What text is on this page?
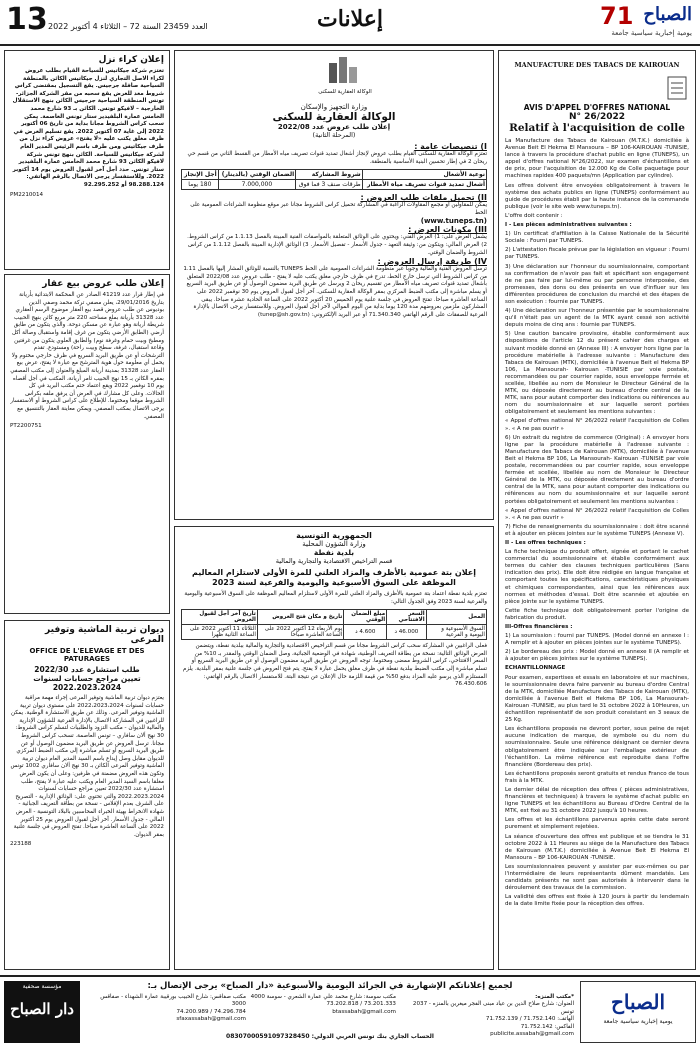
13 العدد 23459 السنة 72 – الثلاثاء 4 أكتوبر 2022	إعلانات	71 الصباح
يومية إخبارية سياسية جامعة
إعلان كراء نزل
تعتزم شركة جيكاتيس للسياحة القيام بطلب عروض لكراء الاصل التجاري لنزل جيكاتيس الكائن بالمنطقة السياحية صافلة جرجيس. يقع التسجيل بمقتضى كراس شروط معد للغرض يقع سحبه من مقر الشركة الجزائر-تونس المنطقة السياحية جرجيس الكائن بنهج الاستقلال الخارجية – لافيكو تونس. الكائن بـ 93 شارع محمد الخامس عمارة البلفيدير ستار تونس العاصمة. يمكن سحب كراس الشروط مجانا بداية من تاريخ 06 أكتوبر 2022 إلى غاية 07 أكتوبر 2022. يقع تسليم العرض في ظرف مغلق يكتب عليه «لا يفتح» عروض كراء نزل من طرف جيكاتيس ومن طرف باسم الرئيس المدير العام لشركة جيكاتيس للسياحة. الكائن بنهج تونس شركة لافيكو الكائن 93 شارع محمد الخامس عمارة البلفيدير ستار تونس. حدد أجل آخر لقبول العروض يوم 14 أكتوبر 2022. وللاستفسار يرجى الاتصال بالرقم الهاتفي: 98.288.124 أو 92.295.252
PM2210014
إعلان طلب عروض بيع عقار
في إطار قرار عدد 41219 الصادر عن المحكمة الابتدائية بأريانة بتاريخ 29/01/2016، يعلن مصفي تركة محمد وصفي الدين بوديوس عن طلب عروض قصد بيع العقار موضوع الرسم العقاري عدد 31328 بأريانة بملغ مساحته 220 متر مربع كائن بنهج الحبيب شريطة أريانة وهو عبارة عن مسكن دوحة. والذي يتكون من طابق أرضي (الطابق الأرضي يتكون من غرف إقامة واستقبال وصالة أكل ومطبخ وبيت حمام وغرفة نوم) والطابق العلوي يتكون من غرفتين وقاعة استقبال، غرفة، سطح وبيت راحة) ومستودع. تقدم الترشحات أو عن طريق البريد السريع في ظرف خارجي مختوم ولا يحمل أي معلومة حول هوية المترشح مع عبارة لا يفتح، عرض بيع العقار عدد 31328 بمدينة أريانة المبلغ والعنوان إلى مكتب المصفي بمقره الكائن بـ 15 نهج الحبيب ثامر أريانة، المكتب في أجل أقصاه يوم 10 نوفمبر 2022 ويقع اعتماد ختم مكتب البريد في كل الحالات. وعلى كل مشارك في العرض أن يرفق ملفه بكراس الشروط موقعا ومختوما. للإطلاع على كراس الشروط أو الاستفسار يرجى الاتصال بمكتب المصفي. ويمكن معاينة العقار بالتنسيق مع المصفي.
PT2200751
ديوان تربية الماشية وتوفير المرعى
OFFICE DE L'ELEVAGE ET DES PATURAGES
طلب استشارة عدد 2022/30
تعيين مراجع حسابات لسنوات 2022.2023.2024
يعتزم ديوان تربية الماشية وتوفير المرعى إجراء مهمة مراقبة حسابات لسنوات 2022،2023،2024 على مستوى ديوان تربية الماشية وتوفير المرعى. وذلك عن طريق الاستشارة الوطنية. يمكن للراغبين في المشاركة الاتصال بالإدارة الفرعية للشؤون الإدارية والمالية للديوان - مكتب التزود والطلبيات لتسلم كراس الشروط: 30 نهج ألان سافاري – تونس العاصمة. تسحب كراس الشروط مجانا. ترسل العروض عن طريق البريد مضمون الوصول أو عن طريق البريد السريع أو تسلم مباشرة إلى مكتب الضبط المركزي للديوان مقابل وصل إيداع باسم السيد المدير العام ديوان تربية الماشية وتوفير المرعى الكائن بـ 30 نهج ألان سافاري 1002 تونس وتكون هذه العروض مضمنة في ظرفين: وعلى أن يكون العرض مغلقا باسم السيد المدير العام ويكتب عليه عبارة لا يفتح، طلب استشارة عدد 2022/30 تعيين مراجع حسابات لسنوات 2022.2023.2024 والتي تحتوي على: الوثائق الإدارية - التصريح على الشرف بعدم الإفلاس - نسخة من بطاقة التعريف الجبائية - شهادة الانخراط بهيئة الخبراء المحاسبين بالبلاد التونسية - العرض المالي - جدول الأسعار. آخر أجل لقبول العروض يوم 25 أكتوبر 2022 على الساعة العاشرة صباحا. تفتح العروض في جلسة علنية بمقر الديوان.
223188
الوكالة العقارية للسكنى
وزارة التجهيز والإسكان
الوكالة العقارية للسكنى
إعلان طلب عروض عدد 2022/08
(المرحلة الثانية)
I) تنصيصات عامة :
تعتزم الوكالة العقارية للسكنى القيام بطلب عروض لإنجاز أشغال تمديد قنوات تصريف مياه الأمطار من القسط الثاني من قسم حي ريحان 2 في إطار تحسين البنية الأساسية بالمنطقة.
نوعية الأشغال	شروط المشاركة	الضمان الوقتي (بالدينار)	أجل الإنجاز
أشغال تمديد قنوات تصريف مياه الأمطار	طرقات صنف 3 فما فوق	7.000,000	180 يوما
II) تحميل ملفات طلب العروض :
يمكن للمقاولين أو مجمع المقاولات الراغبة في المشاركة تحميل كراس الشروط مجانا عبر موقع منظومة الشراءات العمومية على الخط
(www.tuneps.tn)
III) مكونات العرض :
يشمل العرض على: 1) العرض الفني: ويحتوي على الوثائق المتعلقة بالمواصفات الفنية المبينة بالفصل 1.1.13 من كراس الشروط. 2) العرض المالي: ويتكون من: وثيقة التعهد - جدول الأسعار - تفصيل الأسعار. 3) الوثائق الإدارية المبينة بالفصل 1.1.12 من كراس الشروط والضمان الوقتي.
IV) طريقة إرسال العروض :
ترسل العروض الفنية والمالية وجوبا عبر منظومة الشراءات العمومية على الخط TUNEPS بالنسبة للوثائق المشار إليها بالفصل 1.11 من كراس الشروط التي ترسل خارج الخط، تدرج في ظرف خارجي مغلق يكتب عليه لا يفتح - طلب عروض عدد 2022/08 المتعلق بأشغال تمديد قنوات تصريف مياه الأمطار من تقسيم ريحان 2 ويرسل عن طريق البريد مضمون الوصول أو عن طريق البريد السريع أو يسلم مباشرة إلى مكتب الضبط المركزي بمقر الوكالة العقارية للسكنى. آخر أجل لقبول العروض يوم 30 نوفمبر 2022 على الساعة العاشرة صباحا. تفتح العروض في جلسة علنية يوم الخميس 20 أكتوبر 2022 على الساعة الحادية عشرة صباحا. يبقى المشاركون ملزمين بعروضهم مدة 120 يوما بداية من اليوم الموالي لآخر أجل لقبول العروض. وللاستفسار يرجى الاتصال بالإدارة الفرعية للصفقات على الرقم الهاتفي 71.340.340 أو عبر البريد الإلكتروني: (tunep@sh.gov.tn)
الجمهورية التونسية
وزارة الشؤون المحلية
بلدية نفطة
قسم التراخيص الاقتصادية والتجارية والمالية
إعلان بتة عمومية بالأظرف والمزاد العلني للمرة الأولى لاستلزام المعاليم الموظفة على السوق الأسبوعية واليومية والفرعية لسنة 2023
تعتزم بلدية نفطة اعتماد بتة عمومية بالأظرف والمزاد العلني للمرة الأولى لاستلزام المعاليم الموظفة على السوق الأسبوعية واليومية والفرعية لسنة 2023 وفق الجدول التالي:
المحل	السعر الافتتاحي	مبلغ الضمان الوقتي	تاريخ و مكان فتح العروض	تاريخ آخر أجل لقبول العروض
السوق الأسبوعية و اليومية و الفرعية	46.000 د	4.600 د	يوم الأربعاء 12 أكتوبر 2022 على الساعة العاشرة صباحا	الثلاثاء 11 أكتوبر 2022 على الساعة الثانية ظهرا
فعلى الراغبين في المشاركة سحب كراس الشروط مجانا من قسم التراخيص الاقتصادية والتجارية والمالية ببلدية نفطة، ويتضمن العرض الوثائق التالية: نسخة من بطاقة التعريف الوطنية، شهادة في الوضعية الجبائية، وصل الضمان الوقتي والمقدر بـ 10% من السعر الافتتاحي، كراس الشروط ممضى ومختوما. توجه العروض عن طريق البريد مضمون الوصول أو عن طريق البريد السريع أو تسلم مباشرة إلى مكتب الضبط ببلدية نفطة في ظرف مغلق يحمل عبارة لا يفتح. يتم فتح العروض في جلسة علنية بمقر البلدية. يلزم المستلزم الذي يرسو عليه المزاد بدفع 50% من قيمة اللزمة حال الإعلان عن نتيجة البتة. للاستفسار الاتصال بالرقم الهاتفي: 76.430.606
MANUFACTURE DES TABACS DE KAIROUAN
AVIS D'APPEL D'OFFRES NATIONAL
N° 26/2022
Relatif à l'acquisition de colle

La Manufacture des Tabacs de Kairouan (M.T.K.) domiciliée à Avenue Beit El Hekma El Mansoura – BP 106-KAIROUAN -TUNISIE, lance à travers la procédure d'achat public en ligne (TUNEPS), un appel d'offres national N°26/2022, sur examen d'échantillons et de prix, pour l'acquisition de 12.000 Kg de Colle paquetage pour machines rapides 400 paquets/mn (Application par cylindre).

Les offres doivent être envoyées obligatoirement à travers le système des achats publics en ligne (TUNEPS) conformément au guide de procédures établi par la haute instance de la commande publique (voir le site web www.tuneps.tn).

L'offre doit contenir :

I - Les pièces administratives suivantes :

1) Un certificat d'affiliation à la Caisse Nationale de la Sécurité Sociale : Fourni par TUNEPS.

2) L'attestation fiscale prévue par la législation en vigueur : Fourni par TUNEPS.

3) Une déclaration sur l'honneur du soumissionnaire, comportant sa confirmation de n'avoir pas fait et spécifiant son engagement de ne pas faire par lui-même ou par personne interposée, des promesses, des dons ou des présents en vue d'influer sur les différentes procédures de conclusion du marché et des étapes de son exécution : fournie par TUNEPS.

4) Une déclaration sur l'honneur présentée par le soumissionnaire qu'il n'était pas un agent de la MTK ayant cessé son activité depuis moins de cinq ans : fournie par TUNEPS.

5) Une caution bancaire provisoire, établie conformément aux dispositions de l'article 12 du présent cahier des charges et suivant modèle donné en (Annexe III) : A envoyer hors ligne par la procédure matérielle à l'adresse suivante : Manufacture des Tabacs de Kairouan (MTK), domiciliée à l'avenue Beit el Hekma BP 106, La Mansourah- Kairouan -TUNISIE par voie postale, recommandées ou par courrier rapide, sous enveloppe fermée et scellée, libellée au nom de Monsieur le Directeur Général de la MTK, ou déposée directement au bureau d'ordre central de la MTK, sans pour autant comporter des indications ou références au nom du soumissionnaire et sur laquelle seront portées obligatoirement et seulement les mentions suivantes :

« Appel d'offres national N° 26/2022 relatif l'acquisition de Colles ». « A ne pas ouvrir »

6) Un extrait du registre de commerce (Original) : A envoyer hors ligne par la procédure matérielle à l'adresse suivante : Manufacture des Tabacs de Kairouan (MTK), domiciliée à l'avenue Beit el Hekma BP 106, La Mansourah- Kairouan -TUNISIE par voie postale, recommandées ou par courrier rapide, sous enveloppe fermée et scellée, libellée au nom de Monsieur le Directeur Général de la MTK, ou déposée directement au bureau d'ordre central de la MTK, sans pour autant comporter des indications ou références au nom du soumissionnaire et sur laquelle seront portées obligatoirement et seulement les mentions suivantes :

« Appel d'offres national N° 26/2022 relatif l'acquisition de Colles ». « A ne pas ouvrir »

7) Fiche de renseignements du soumissionnaire : doit être scanné et à ajouter en pièces jointes sur le système TUNEPS (Annexe V).

II - Les offres techniques :

La fiche technique du produit offert, signée et portant le cachet commercial du soumissionnaire et établie conformément aux termes du cahier des clauses techniques particulières (Sans indication des prix). Elle doit être rédigée en langue française et comportant toutes les spécifications, caractéristiques physiques et chimiques correspondantes, ainsi que les références aux normes et méthodes d'essai. Doit être scannée et ajoutée en pièce jointe sur le système TUNEPS.

Cette fiche technique doit obligatoirement porter l'origine de fabrication du produit.

III-Offres financières :

1) La soumission : fourni par TUNEPS. (Model donné en annexe I : A remplir et à ajouter en pièces jointes sur le système TUNEPS).

2) Le bordereau des prix : Model donné en annexe II (A remplir et à ajouter en pièces jointes sur le système TUNEPS).

ECHANTILLONNAGE

Pour examen, expertises et essais en laboratoire et sur machines, le soumissionnaire devra faire parvenir au bureau d'ordre Central de la MTK, domiciliée Manufacture des Tabacs de Kairouan (MTK), domiciliée à l'avenue Beit el Hekma BP 106, La Mansourah- Kairouan -TUNISIE, au plus tard le 31 octobre 2022 à 10Heures, un échantillon représentatif de son produit consistant en 3 seaux de 25 Kg.

Les échantillons proposés ne devront porter, sous peine de rejet aucune indication de marque, de symbole ou du nom du soumissionnaire. Seule une référence désignant ce dernier devra obligatoirement être indiquée sur l'emballage extérieur de l'échantillon. La même référence est reproduite dans l'offre financière (Bordereau des prix).

Les échantillons proposés seront gratuits et rendus Franco de tous frais à la MTK.

Le dernier délai de réception des offres ( pièces administratives, financières et techniques) à travers le système d'achat public en ligne TUNEPS et les échantillons au Bureau d'Ordre Central de la MTK, est fixé au 31 octobre 2022 jusqu'à 10 heures.

Les offres et les échantillons parvenus après cette date seront purement et simplement rejetées.

La séance d'ouverture des offres est publique et se tiendra le 31 octobre 2022 à 11 Heures au siège de la Manufacture des Tabacs de Kairouan (M.T.K.) domiciliée à Avenue Beit El Hekma El Mansoura – BP 106-KAIROUAN -TUNISIE.

Les soumissionnaires peuvent y assister par eux-mêmes ou par l'intermédiaire de leurs représentants dûment mandatés. Les candidats présents ne sont pas autorisés à intervenir dans le déroulement des travaux de la commission.

La validité des offres est fixée à 120 jours à partir du lendemain de la date limite fixée pour la réception des offres.

مؤسسة صحفية
دار الصباح
لجميع إعلاناتكم الإشهارية في الجرائد اليومية والأسبوعية «دار الصباح» يرجى الإتصال بـ:
*مكتب المنزه:
العنوان: شارع صلاح الدين بن عياد مبنى الفجر ميغرين بالمنزه - 2037 تونس
الهاتف: 71.752.140 / 71.752.139
الفاكس: 71.752.142
publicite.assabah@gmail.com
مكتب سوسة: شارع محمد علي عمارة الشعري - سوسة 4000
73.201.333 / 73.202.818
btassabah@gmail.com
مكتب صفاقس: شارع الحبيب بورقيبة عمارة الشهداء - صفاقس 3000
74.296.784 / 74.200.989
sfaxassabah@gmail.com
الحساب الجاري بنك تونس العربي الدولي: 08307000591097328450
الصباح
يومية إخبارية سياسية جامعة
